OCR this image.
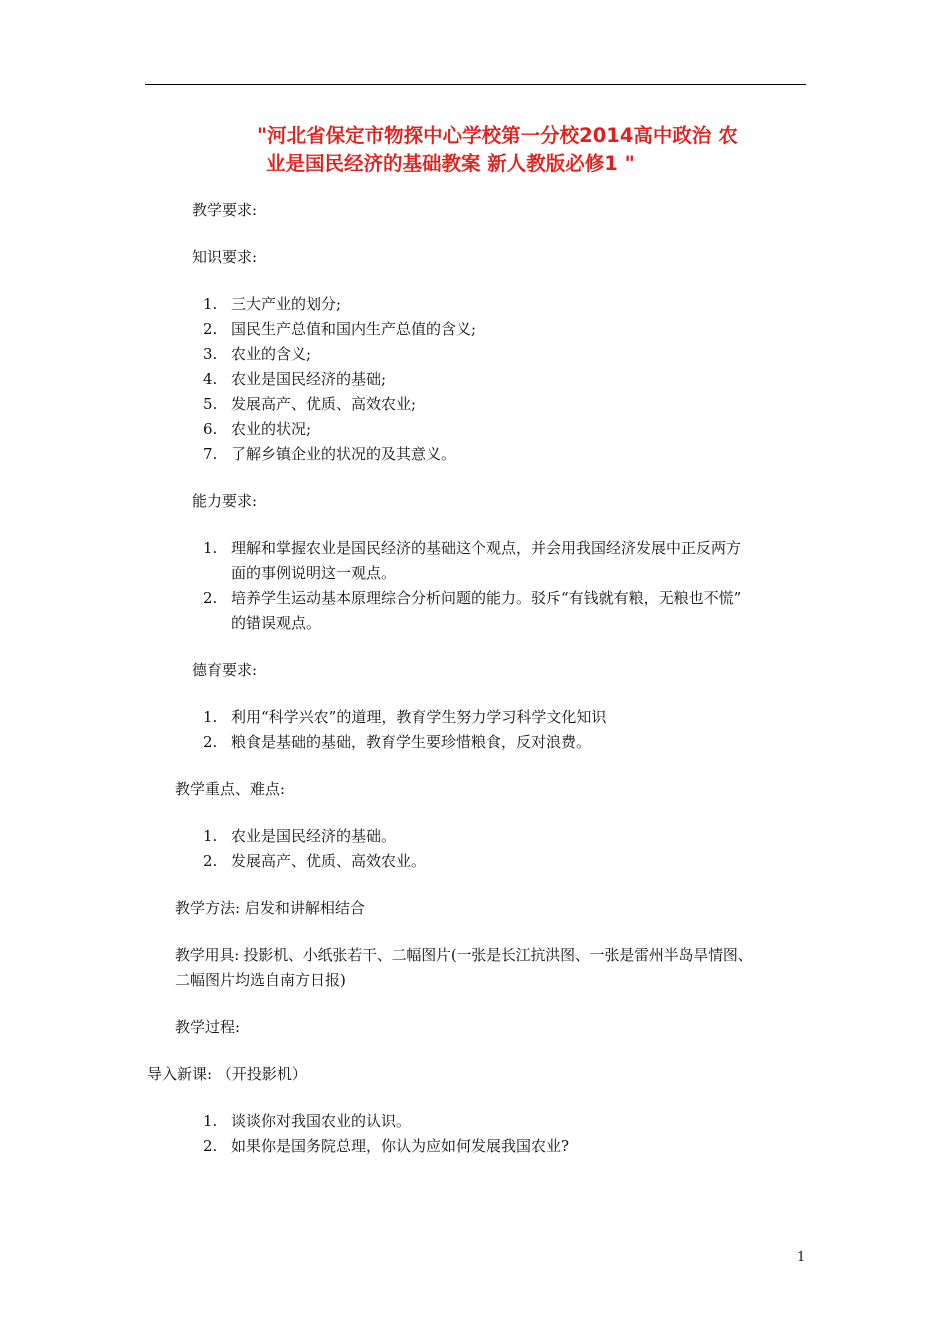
"河北省保定市物探中心学校第一分校2014高中政治 农
业是国民经济的基础教案 新人教版必修1 "
教学要求:
知识要求:
1. 三大产业的划分;
2. 国民生产总值和国内生产总值的含义;
3. 农业的含义;
4. 农业是国民经济的基础;
5. 发展高产、优质、高效农业;
6. 农业的状况;
7. 了解乡镇企业的状况的及其意义。
能力要求:
1. 理解和掌握农业是国民经济的基础这个观点，并会用我国经济发展中正反两方
面的事例说明这一观点。
2. 培养学生运动基本原理综合分析问题的能力。驳斥“有钱就有粮，无粮也不慌”
的错误观点。
德育要求:
1. 利用“科学兴农”的道理，教育学生努力学习科学文化知识
2. 粮食是基础的基础，教育学生要珍惜粮食，反对浪费。
教学重点、难点:
1. 农业是国民经济的基础。
2. 发展高产、优质、高效农业。
教学方法: 启发和讲解相结合
教学用具: 投影机、小纸张若干、二幅图片(一张是长江抗洪图、一张是雷州半岛旱情图、
二幅图片均选自南方日报)
教学过程:
导入新课: （开投影机）
1. 谈谈你对我国农业的认识。
2. 如果你是国务院总理，你认为应如何发展我国农业?
1
